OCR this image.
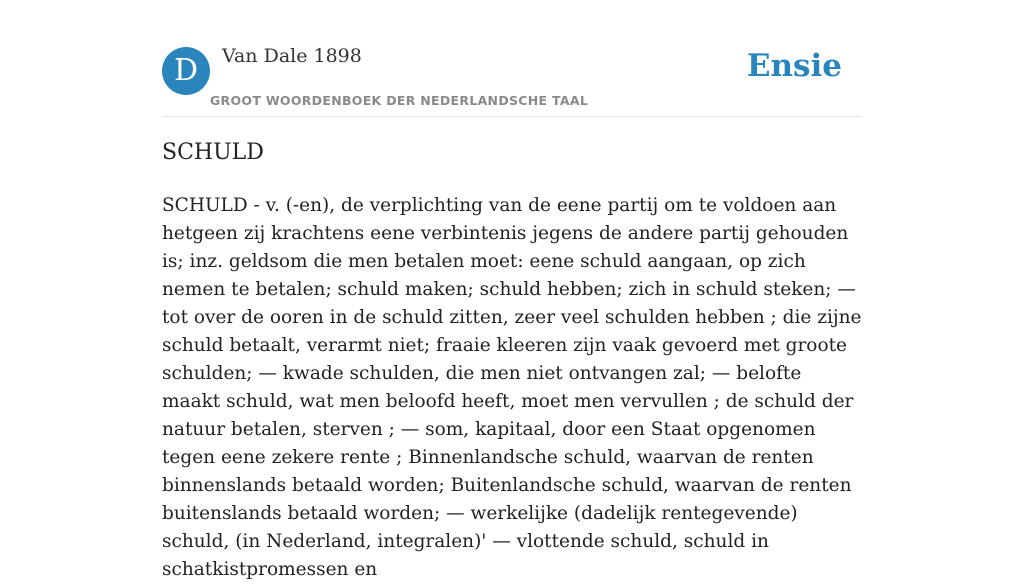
D	Van Dale 1898
GROOT WOORDENBOEK DER NEDERLANDSCHE TAAL
Ensie
SCHULD

SCHULD - v. (-en), de verplichting van de eene partij om te voldoen aan hetgeen zij krachtens eene verbintenis jegens de andere partij gehouden is; inz. geldsom die men betalen moet: eene schuld aangaan, op zich nemen te betalen; schuld maken; schuld hebben; zich in schuld steken; — tot over de ooren in de schuld zitten, zeer veel schulden hebben ; die zijne schuld betaalt, verarmt niet; fraaie kleeren zijn vaak gevoerd met groote schulden; — kwade schulden, die men niet ontvangen zal; — belofte maakt schuld, wat men beloofd heeft, moet men vervullen ; de schuld der natuur betalen, sterven ; — som, kapitaal, door een Staat opgenomen tegen eene zekere rente ; Binnenlandsche schuld, waarvan de renten binnenslands betaald worden; Buitenlandsche schuld, waarvan de renten buitenslands betaald worden; — werkelijke (dadelijk rentegevende) schuld, (in Nederland, integralen)' — vlottende schuld, schuld in schatkistpromessen en
